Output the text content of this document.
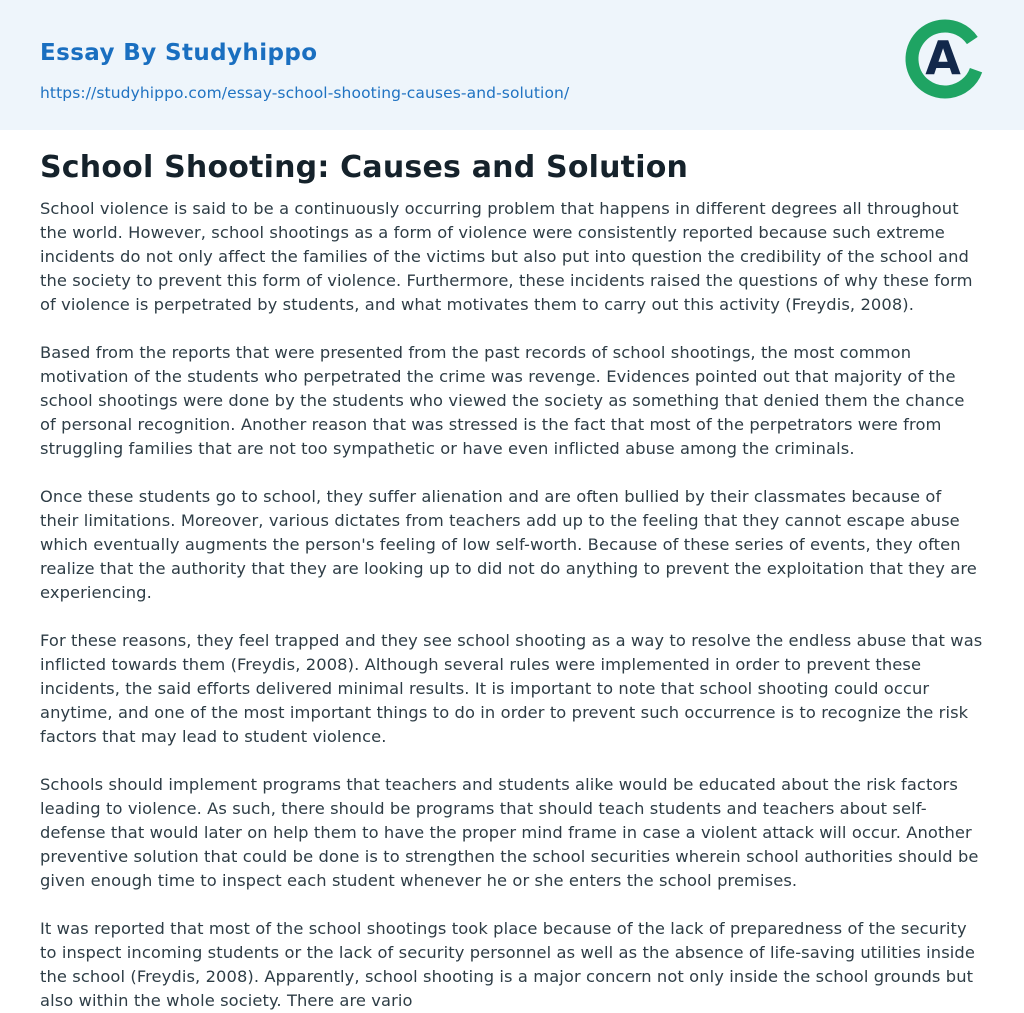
Essay By Studyhippo
https://studyhippo.com/essay-school-shooting-causes-and-solution/
A
School Shooting: Causes and Solution

School violence is said to be a continuously occurring problem that happens in different degrees all throughout the world. However, school shootings as a form of violence were consistently reported because such extreme incidents do not only affect the families of the victims but also put into question the credibility of the school and the society to prevent this form of violence. Furthermore, these incidents raised the questions of why these form of violence is perpetrated by students, and what motivates them to carry out this activity (Freydis, 2008).

Based from the reports that were presented from the past records of school shootings, the most common motivation of the students who perpetrated the crime was revenge. Evidences pointed out that majority of the school shootings were done by the students who viewed the society as something that denied them the chance of personal recognition. Another reason that was stressed is the fact that most of the perpetrators were from struggling families that are not too sympathetic or have even inflicted abuse among the criminals.

Once these students go to school, they suffer alienation and are often bullied by their classmates because of their limitations. Moreover, various dictates from teachers add up to the feeling that they cannot escape abuse which eventually augments the person's feeling of low self-worth. Because of these series of events, they often realize that the authority that they are looking up to did not do anything to prevent the exploitation that they are experiencing.

For these reasons, they feel trapped and they see school shooting as a way to resolve the endless abuse that was inflicted towards them (Freydis, 2008). Although several rules were implemented in order to prevent these incidents, the said efforts delivered minimal results. It is important to note that school shooting could occur anytime, and one of the most important things to do in order to prevent such occurrence is to recognize the risk factors that may lead to student violence.

Schools should implement programs that teachers and students alike would be educated about the risk factors leading to violence. As such, there should be programs that should teach students and teachers about self-defense that would later on help them to have the proper mind frame in case a violent attack will occur. Another preventive solution that could be done is to strengthen the school securities wherein school authorities should be given enough time to inspect each student whenever he or she enters the school premises.

It was reported that most of the school shootings took place because of the lack of preparedness of the security to inspect incoming students or the lack of security personnel as well as the absence of life-saving utilities inside the school (Freydis, 2008). Apparently, school shooting is a major concern not only inside the school grounds but also within the whole society. There are vario
